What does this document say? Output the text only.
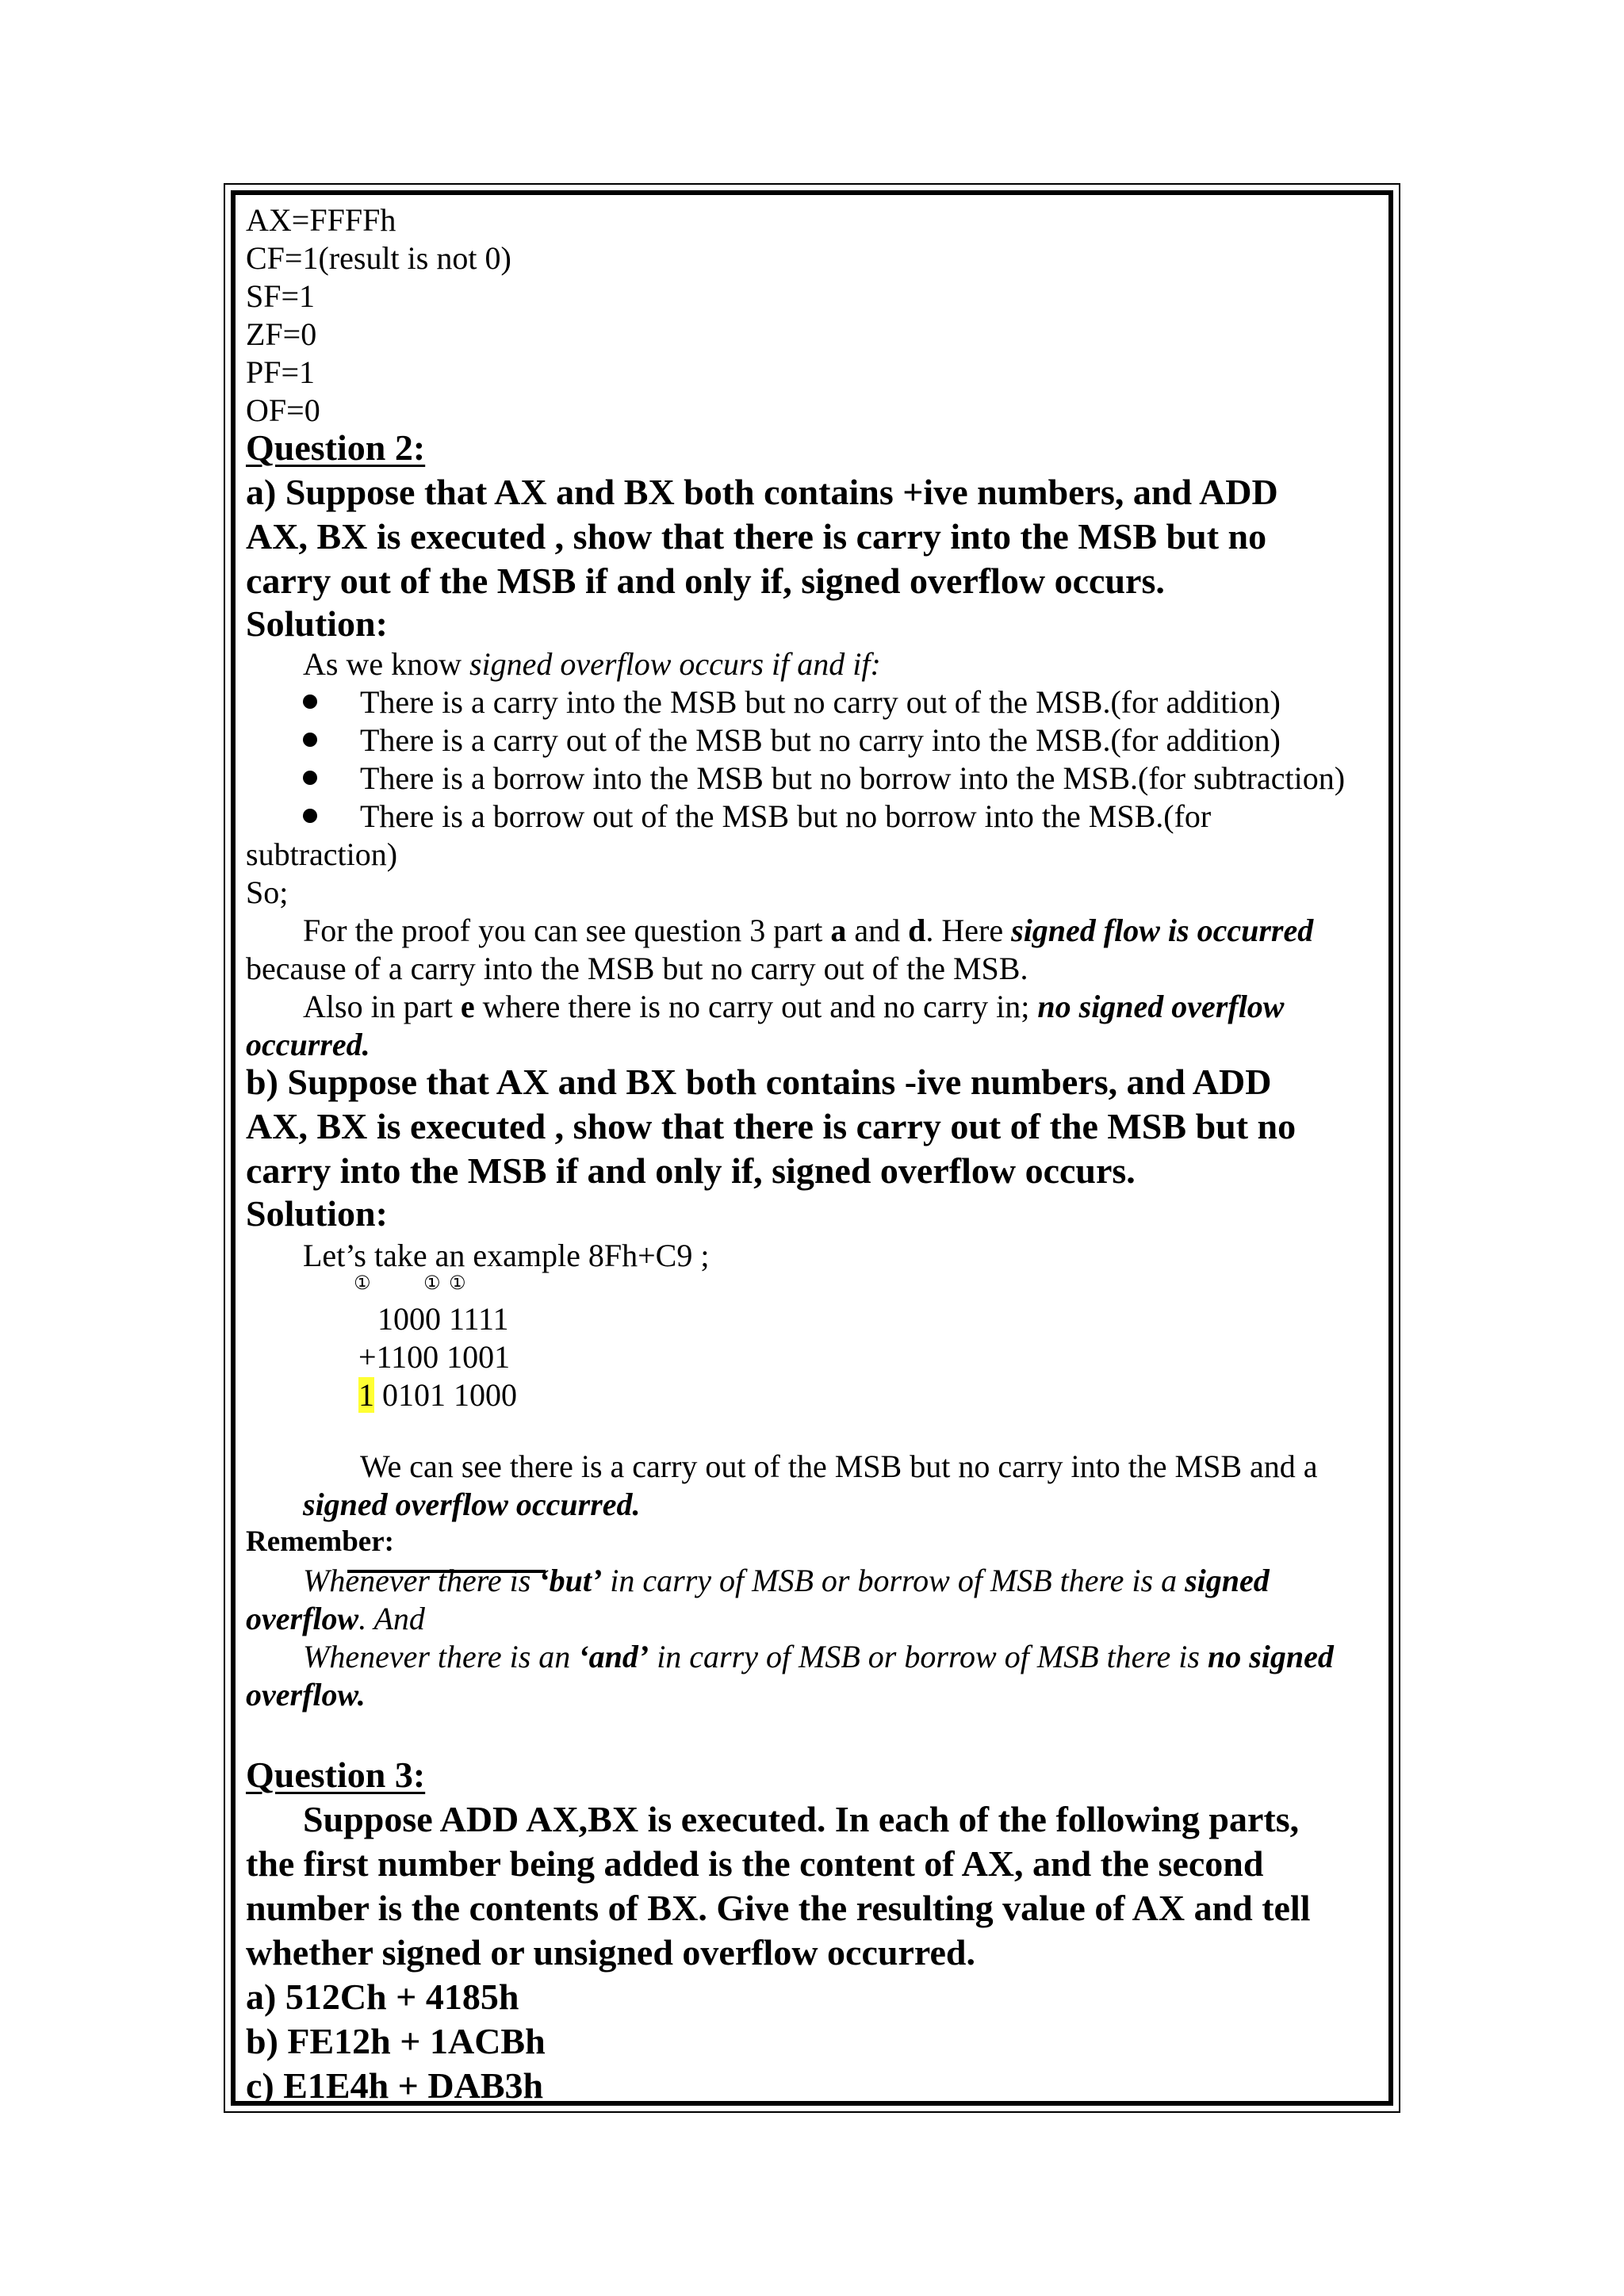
AX=FFFFh
CF=1(result is not 0)
SF=1
ZF=0
PF=1
OF=0
Question 2:
a) Suppose that AX and BX both contains +ive numbers, and ADD
AX, BX is executed , show that there is carry into the MSB but no
carry out of the MSB if and only if, signed overflow occurs.
Solution:
As we know signed overflow occurs if and if:
There is a carry into the MSB but no carry out of the MSB.(for addition)
There is a carry out of the MSB but no carry into the MSB.(for addition)
There is a borrow into the MSB but no borrow into the MSB.(for subtraction)
There is a borrow out of the MSB but no borrow into the MSB.(for
subtraction)
So;
For the proof you can see question 3 part a and d. Here signed flow is occurred
because of a carry into the MSB but no carry out of the MSB.
Also in part e where there is no carry out and no carry in; no signed overflow
occurred.
b) Suppose that AX and BX both contains -ive numbers, and ADD
AX, BX is executed , show that there is carry out of the MSB but no
carry into the MSB if and only if, signed overflow occurs.
Solution:
Let’s take an example 8Fh+C9 ;
①	① ①
1000 1111
+1100 1001
1 0101 1000
We can see there is a carry out of the MSB but no carry into the MSB and a
signed overflow occurred.
Remember:
Whenever there is ‘but’ in carry of MSB or borrow of MSB there is a signed
overflow. And
Whenever there is an ‘and’ in carry of MSB or borrow of MSB there is no signed
overflow.
Question 3:
Suppose ADD AX,BX is executed. In each of the following parts,
the first number being added is the content of AX, and the second
number is the contents of BX. Give the resulting value of AX and tell
whether signed or unsigned overflow occurred.
a) 512Ch + 4185h
b) FE12h + 1ACBh
c) E1E4h + DAB3h
